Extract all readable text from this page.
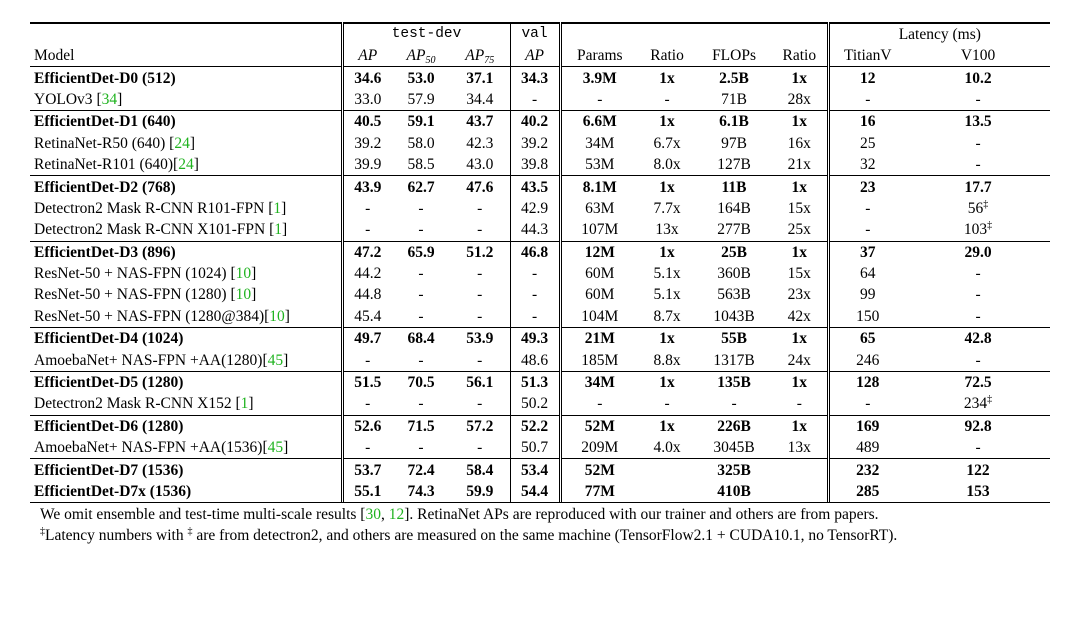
	test-dev			val					Latency (ms)	
Model	AP	$AP_{50}$	$AP_{75}$	AP	Params	Ratio	FLOPs	Ratio	TitianV	V100
EfficientDet-D0 (512)	34.6	53.0	37.1	34.3	3.9M	1x	2.5B	1x	12	10.2
YOLOv3 [34]	33.0	57.9	34.4	-	-	-	71B	28x	-	-
EfficientDet-D1 (640)	40.5	59.1	43.7	40.2	6.6M	1x	6.1B	1x	16	13.5
RetinaNet-R50 (640) [24]	39.2	58.0	42.3	39.2	34M	6.7x	97B	16x	25	-
RetinaNet-R101 (640)[24]	39.9	58.5	43.0	39.8	53M	8.0x	127B	21x	32	-
EfficientDet-D2 (768)	43.9	62.7	47.6	43.5	8.1M	1x	11B	1x	23	17.7
Detectron2 Mask R-CNN R101-FPN [1]	-	-	-	42.9	63M	7.7x	164B	15x	-	56‡
Detectron2 Mask R-CNN X101-FPN [1]	-	-	-	44.3	107M	13x	277B	25x	-	103‡
EfficientDet-D3 (896)	47.2	65.9	51.2	46.8	12M	1x	25B	1x	37	29.0
ResNet-50 + NAS-FPN (1024) [10]	44.2	-	-	-	60M	5.1x	360B	15x	64	-
ResNet-50 + NAS-FPN (1280) [10]	44.8	-	-	-	60M	5.1x	563B	23x	99	-
ResNet-50 + NAS-FPN (1280@384)[10]	45.4	-	-	-	104M	8.7x	1043B	42x	150	-
EfficientDet-D4 (1024)	49.7	68.4	53.9	49.3	21M	1x	55B	1x	65	42.8
AmoebaNet+ NAS-FPN +AA(1280)[45]	-	-	-	48.6	185M	8.8x	1317B	24x	246	-
EfficientDet-D5 (1280)	51.5	70.5	56.1	51.3	34M	1x	135B	1x	128	72.5
Detectron2 Mask R-CNN X152 [1]	-	-	-	50.2	-	-	-	-	-	234‡
EfficientDet-D6 (1280)	52.6	71.5	57.2	52.2	52M	1x	226B	1x	169	92.8
AmoebaNet+ NAS-FPN +AA(1536)[45]	-	-	-	50.7	209M	4.0x	3045B	13x	489	-
EfficientDet-D7 (1536)	53.7	72.4	58.4	53.4	52M		325B		232	122
EfficientDet-D7x (1536)	55.1	74.3	59.9	54.4	77M		410B		285	153
We omit ensemble and test-time multi-scale results [30, 12]. RetinaNet APs are reproduced with our trainer and others are from papers.
‡Latency numbers with ‡ are from detectron2, and others are measured on the same machine (TensorFlow2.1 + CUDA10.1, no TensorRT).
